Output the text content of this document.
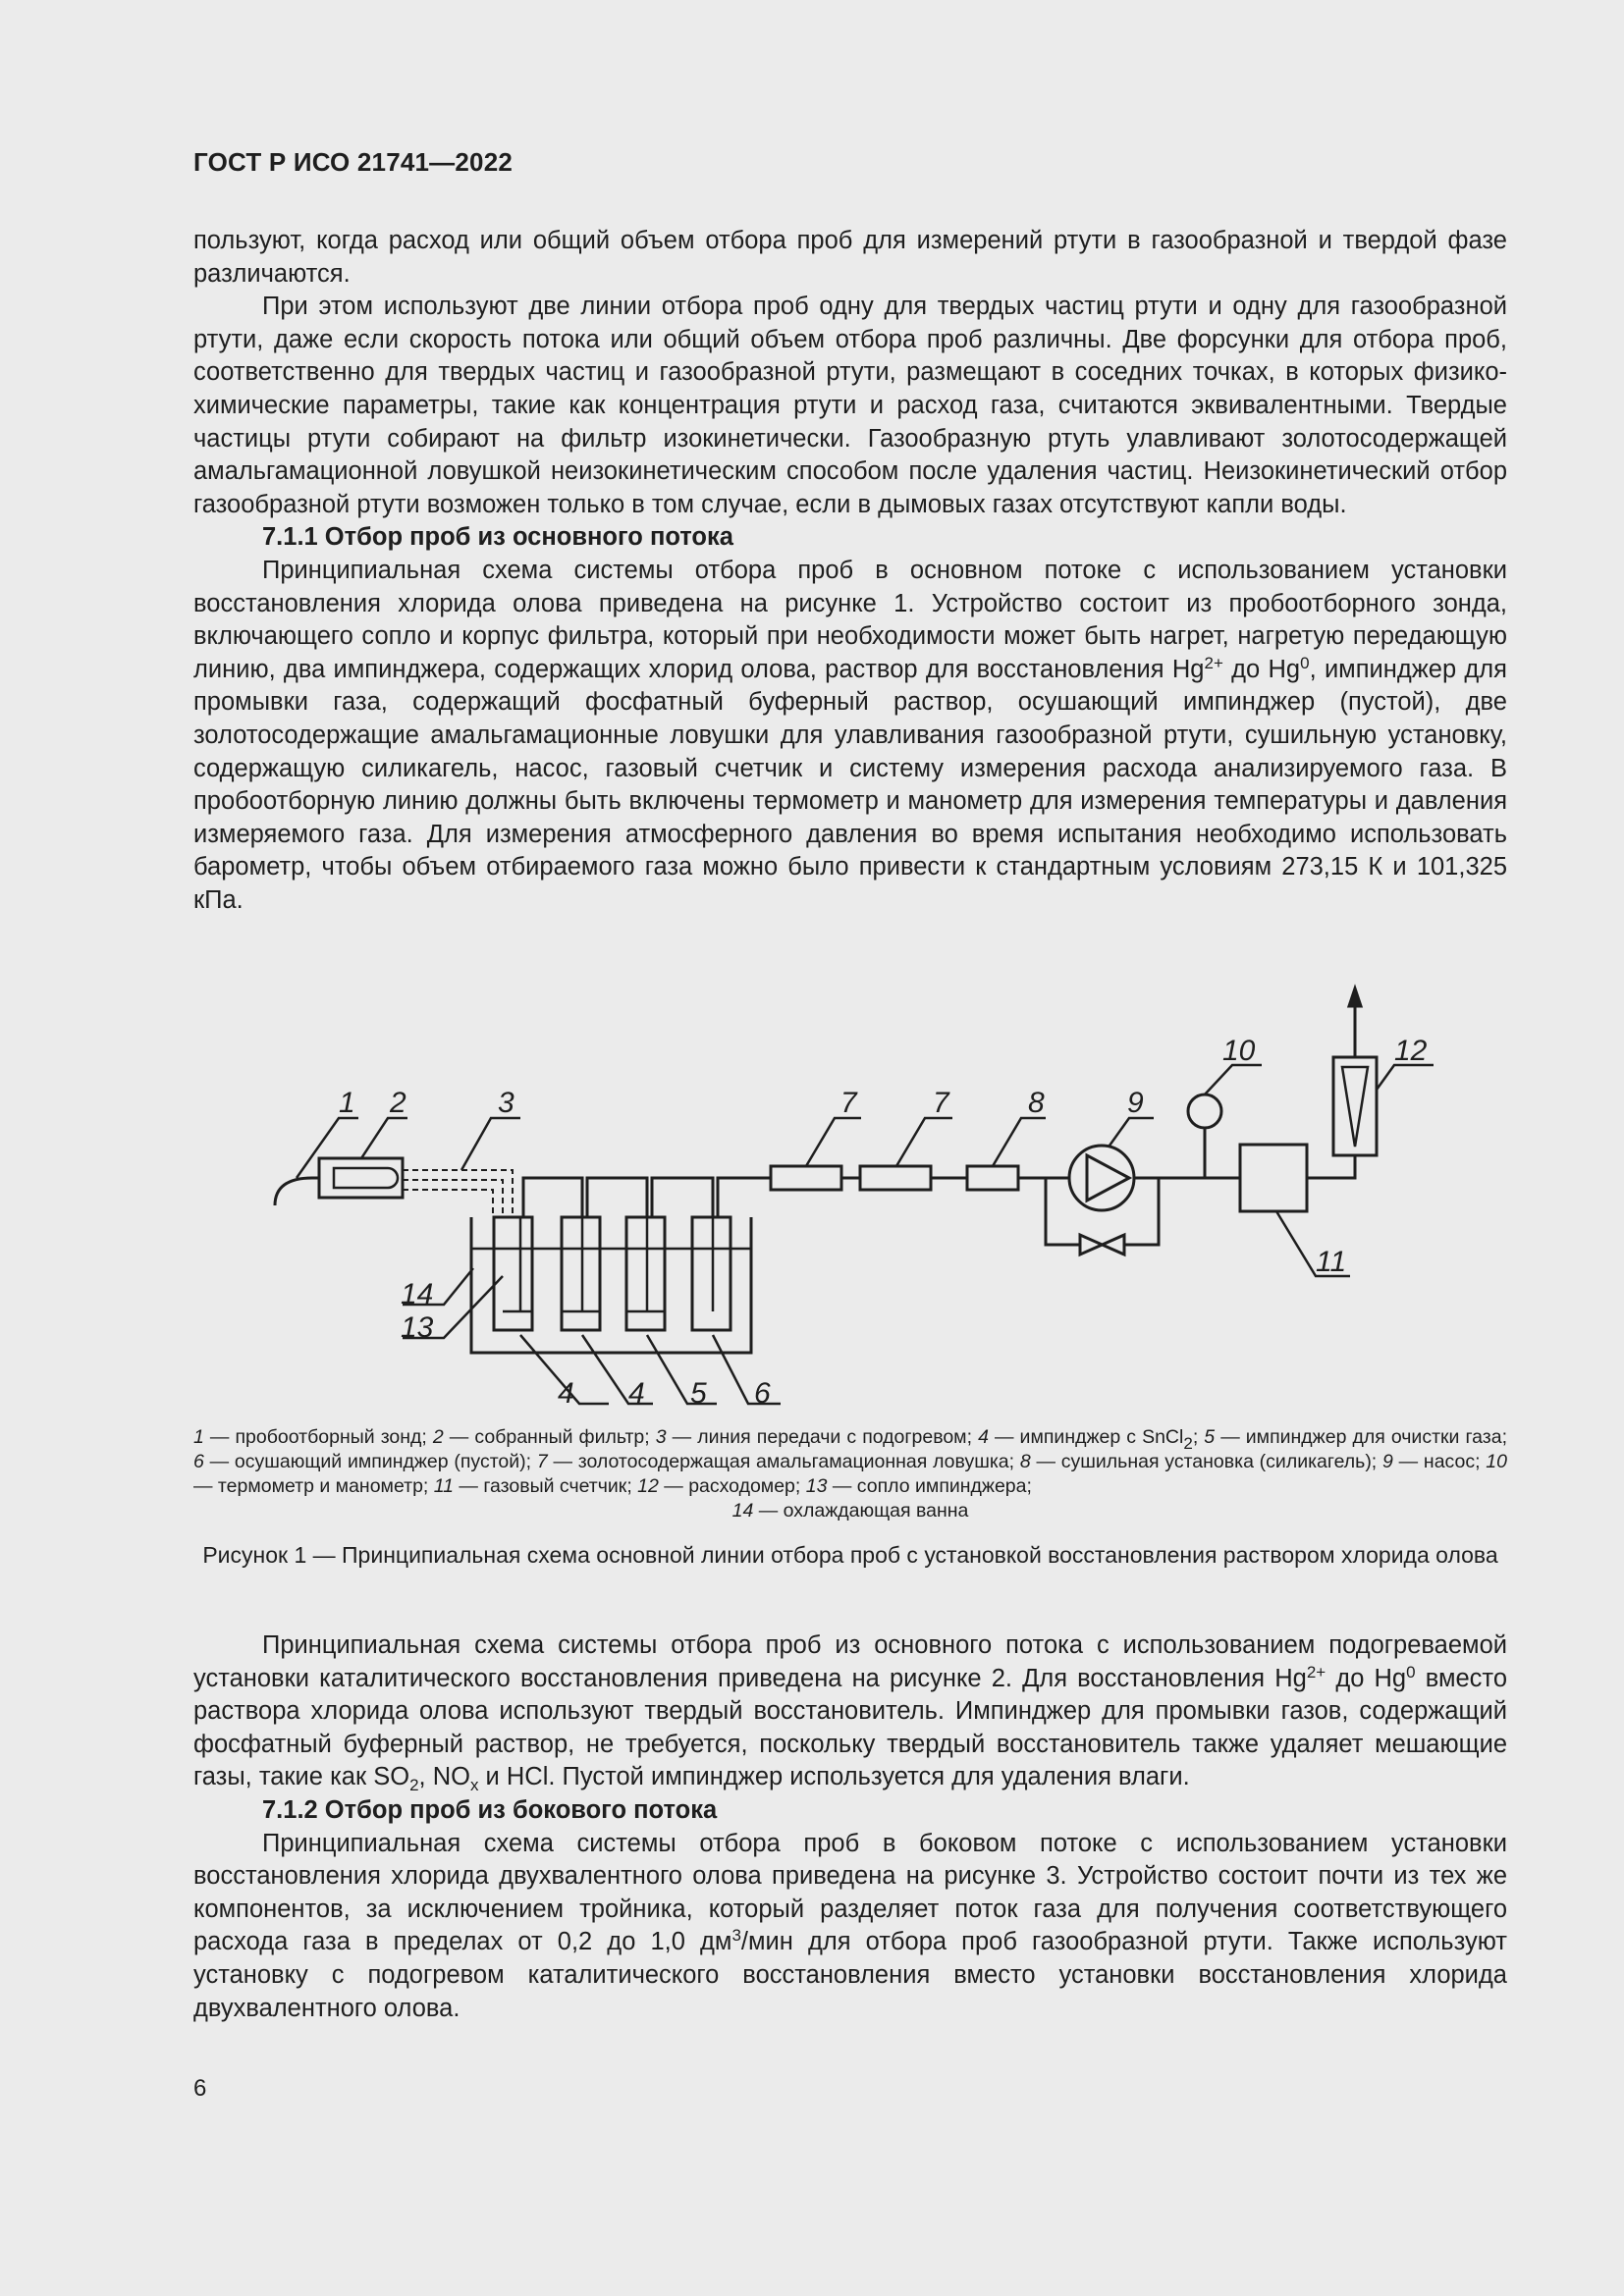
ГОСТ Р ИСО 21741—2022

пользуют, когда расход или общий объем отбора проб для измерений ртути в газообразной и твердой фазе различаются.

При этом используют две линии отбора проб одну для твердых частиц ртути и одну для газообразной ртути, даже если скорость потока или общий объем отбора проб различны. Две форсунки для отбора проб, соответственно для твердых частиц и газообразной ртути, размещают в соседних точках, в которых физико-химические параметры, такие как концентрация ртути и расход газа, считаются эквивалентными. Твердые частицы ртути собирают на фильтр изокинетически. Газообразную ртуть улавливают золотосодержащей амальгамационной ловушкой неизокинетическим способом после удаления частиц. Неизокинетический отбор газообразной ртути возможен только в том случае, если в дымовых газах отсутствуют капли воды.

7.1.1 Отбор проб из основного потока

Принципиальная схема системы отбора проб в основном потоке с использованием установки восстановления хлорида олова приведена на рисунке 1. Устройство состоит из пробоотборного зонда, включающего сопло и корпус фильтра, который при необходимости может быть нагрет, нагретую передающую линию, два импинджера, содержащих хлорид олова, раствор для восстановления $Hg^{2+}$ до Hg$^0$, импинджер для промывки газа, содержащий фосфатный буферный раствор, осушающий импинджер (пустой), две золотосодержащие амальгамационные ловушки для улавливания газообразной ртути, сушильную установку, содержащую силикагель, насос, газовый счетчик и систему измерения расхода анализируемого газа. В пробоотборную линию должны быть включены термометр и манометр для измерения температуры и давления измеряемого газа. Для измерения атмосферного давления во время испытания необходимо использовать барометр, чтобы объем отбираемого газа можно было привести к стандартным условиям 273,15 К и 101,325 кПа.

1 2	3	7	7	8	9
10	12
11
14
13
4 4 5 6
1 — пробоотборный зонд; 2 — собранный фильтр; 3 — линия передачи с подогревом; 4 — импинджер с SnCl$_2$; 5 — импинджер для очистки газа; 6 — осушающий импинджер (пустой); 7 — золотосодержащая амальгамационная ловушка; 8 — сушильная установка (силикагель); 9 — насос; 10 — термометр и манометр; 11 — газовый счетчик; 12 — расходомер; 13 — сопло импинджера;
14 — охлаждающая ванна
Рисунок 1 — Принципиальная схема основной линии отбора проб с установкой восстановления раствором хлорида олова

Принципиальная схема системы отбора проб из основного потока с использованием подогреваемой установки каталитического восстановления приведена на рисунке 2. Для восстановления $Hg^{2+}$ до Hg$^0$ вместо раствора хлорида олова используют твердый восстановитель. Импинджер для промывки газов, содержащий фосфатный буферный раствор, не требуется, поскольку твердый восстановитель также удаляет мешающие газы, такие как $SO_2$, $NO_x$ и HCl. Пустой импинджер используется для удаления влаги.

7.1.2 Отбор проб из бокового потока

Принципиальная схема системы отбора проб в боковом потоке с использованием установки восстановления хлорида двухвалентного олова приведена на рисунке 3. Устройство состоит почти из тех же компонентов, за исключением тройника, который разделяет поток газа для получения соответствующего расхода газа в пределах от 0,2 до 1,0 $дм^3$/мин для отбора проб газообразной ртути. Также используют установку с подогревом каталитического восстановления вместо установки восстановления хлорида двухвалентного олова.

6
